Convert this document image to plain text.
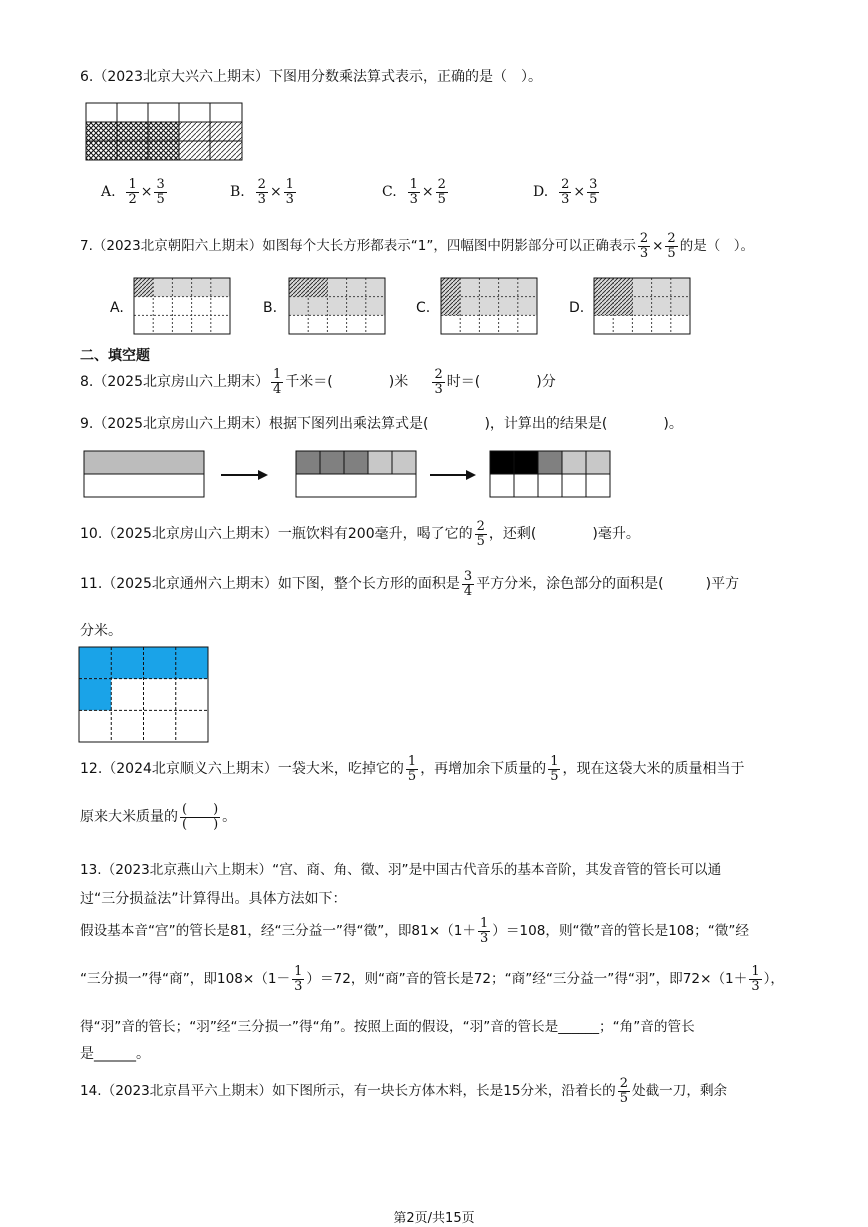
6.（2023北京大兴六上期末）下图用分数乘法算式表示，正确的是（　）。
A. $\frac{1}{2} \times \frac{3}{5}$	B. $\frac{2}{3} \times \frac{1}{3}$	C. $\frac{1}{3} \times \frac{2}{5}$	D. $\frac{2}{3} \times \frac{3}{5}$
7.（2023北京朝阳六上期末）如图每个大长方形都表示“1”，四幅图中阴影部分可以正确表示 $\frac{2}{3} \times \frac{2}{5}$ 的是（　）。
A.	B.	C.	D.
二、填空题
8.（2025北京房山六上期末） $\frac{1}{4}$ 千米＝(　　　　)米 $\frac{2}{3}$ 时＝(　　　　)分
9.（2025北京房山六上期末）根据下图列出乘法算式是(　　　　)，计算出的结果是(　　　　)。
10.（2025北京房山六上期末）一瓶饮料有200毫升，喝了它的 $\frac{2}{5}$ ，还剩(　　　　)毫升。
11.（2025北京通州六上期末）如下图，整个长方形的面积是 $\frac{3}{4}$ 平方分米，涂色部分的面积是(　　　)平方
分米。
12.（2024北京顺义六上期末）一袋大米，吃掉它的 $\frac{1}{5}$ ，再增加余下质量的 $\frac{1}{5}$ ，现在这袋大米的质量相当于
原来大米质量的 $\frac{( )}{( )}$ 。
13.（2023北京燕山六上期末）“宫、商、角、徵、羽”是中国古代音乐的基本音阶，其发音管的管长可以通
过“三分损益法”计算得出。具体方法如下：
假设基本音“宫”的管长是81，经“三分益一”得“徵”，即$81\times(1+ \frac{1}{3} )=108$，则“徵”音的管长是108；“徵”经
“三分损一”得“商”，即$108\times(1- \frac{1}{3} )=72$，则“商”音的管长是72；“商”经“三分益一”得“羽”，即$72\times(1+ \frac{1}{3}$ ），
得“羽”音的管长；“羽”经“三分损一”得“角”。按照上面的假设，“羽”音的管长是______；“角”音的管长
是______。
14.（2023北京昌平六上期末）如下图所示，有一块长方体木料，长是15分米，沿着长的 $\frac{2}{5}$ 处截一刀，剩余
第2页/共15页
